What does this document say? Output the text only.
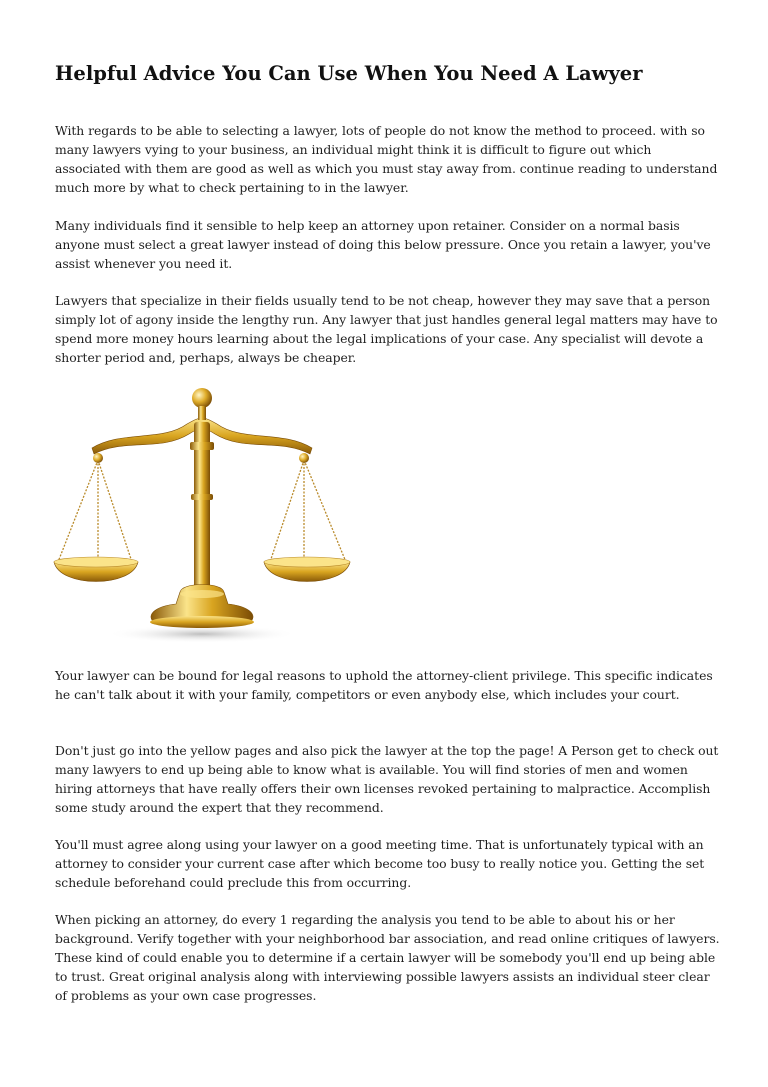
Helpful Advice You Can Use When You Need A Lawyer

With regards to be able to selecting a lawyer, lots of people do not know the method to proceed. with so many lawyers vying to your business, an individual might think it is difficult to figure out which associated with them are good as well as which you must stay away from. continue reading to understand much more by what to check pertaining to in the lawyer.

Many individuals find it sensible to help keep an attorney upon retainer. Consider on a normal basis anyone must select a great lawyer instead of doing this below pressure. Once you retain a lawyer, you've assist whenever you need it.

Lawyers that specialize in their fields usually tend to be not cheap, however they may save that a person simply lot of agony inside the lengthy run. Any lawyer that just handles general legal matters may have to spend more money hours learning about the legal implications of your case. Any specialist will devote a shorter period and, perhaps, always be cheaper.

Your lawyer can be bound for legal reasons to uphold the attorney-client privilege. This specific indicates he can't talk about it with your family, competitors or even anybody else, which includes your court.

Don't just go into the yellow pages and also pick the lawyer at the top the page! A Person get to check out many lawyers to end up being able to know what is available. You will find stories of men and women hiring attorneys that have really offers their own licenses revoked pertaining to malpractice. Accomplish some study around the expert that they recommend.

You'll must agree along using your lawyer on a good meeting time. That is unfortunately typical with an attorney to consider your current case after which become too busy to really notice you. Getting the set schedule beforehand could preclude this from occurring.

When picking an attorney, do every 1 regarding the analysis you tend to be able to about his or her background. Verify together with your neighborhood bar association, and read online critiques of lawyers. These kind of could enable you to determine if a certain lawyer will be somebody you'll end up being able to trust. Great original analysis along with interviewing possible lawyers assists an individual steer clear of problems as your own case progresses.
